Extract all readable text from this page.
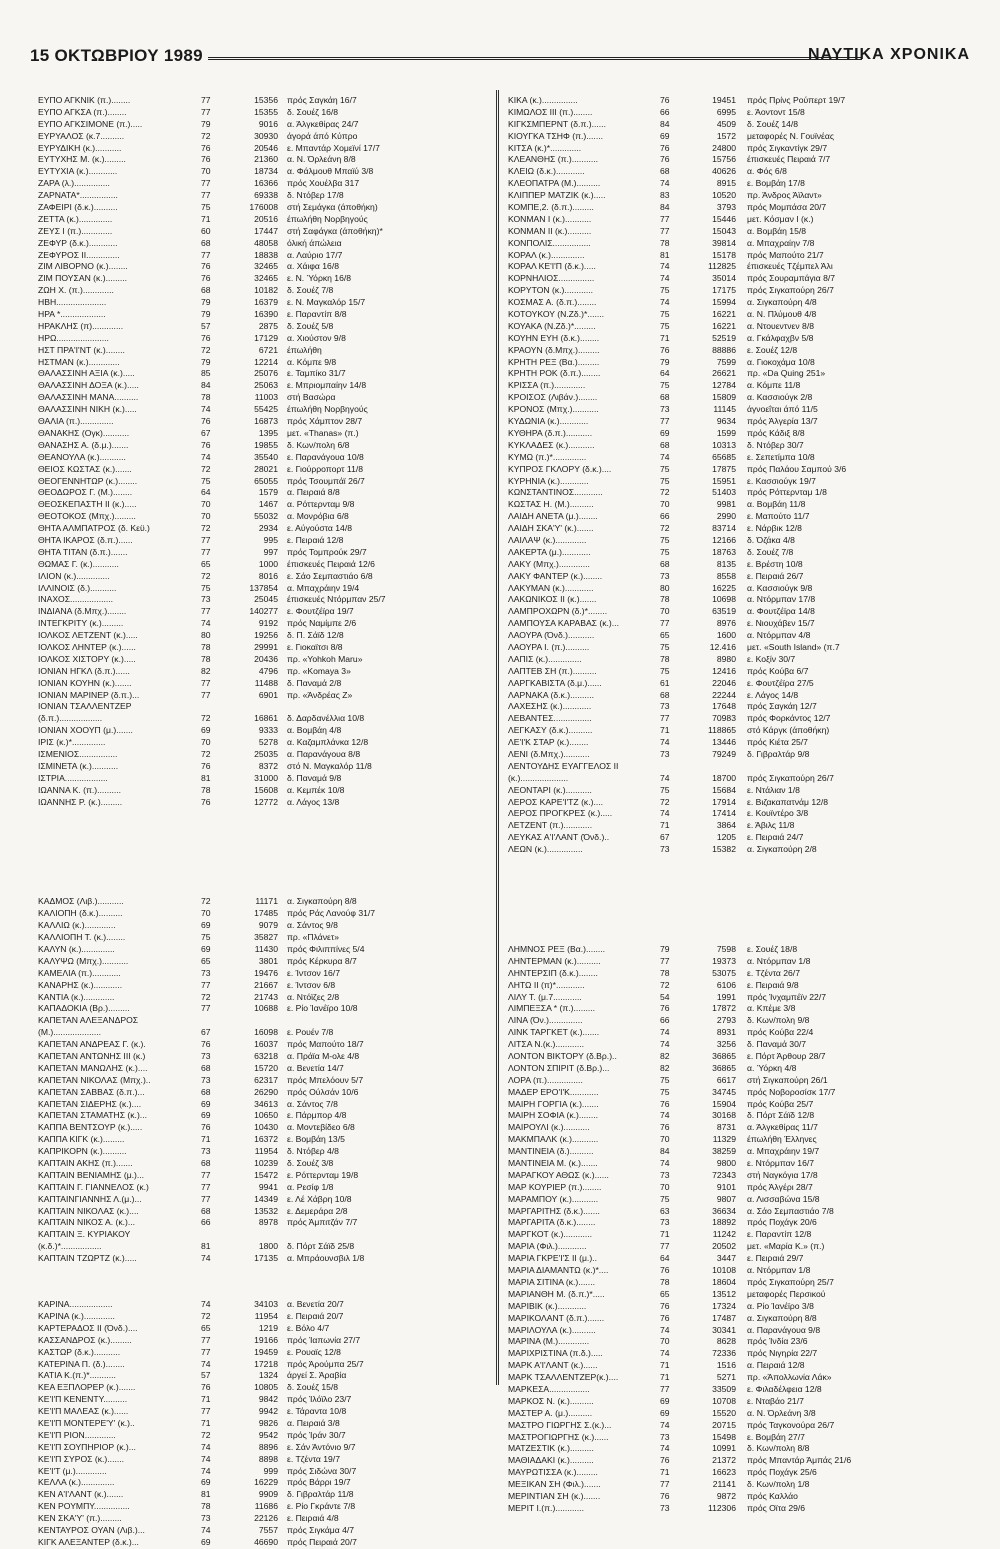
15 ΟΚΤΩΒΡΙΟΥ 1989	ΝΑΥΤΙΚΑ ΧΡΟΝΙΚΑ
ΕΥΠΟ ΑΓΚΝΙΚ (π.)........	77	15356 πρός Σαγκάη 16/7
ΕΥΠΟ ΑΓΚΣΑ (π.)........	77	15355 δ. Σουέζ 16/8
ΕΥΠΟ ΑΓΚΣΙΜΟΝΕ (π.).....	79	9016 α. Άλγκεθίρας 24/7
ΕΥΡΥΑΛΟΣ (κ.7..........	72	30930 άγορά άπό Κύπρο
ΕΥΡΥΔΙΚΗ (κ.)...........	76	20546 ε. Μπαντάρ Χομεϊνί 17/7
ΕΥΤΥΧΗΣ Μ. (κ.).........	76	21360 α. Ν. Όρλεάνη 8/8
ΕΥΤΥΧΙΑ (κ.)............	70	18734 α. Φάλμουθ Μπαϊύ 3/8
ΖΑΡΑ (λ.)...............	77	16366 πρός Χουέλβα 317
ΖΑΡΝΑΤΑ*................	77	69338 δ. Ντόβερ 17/8
ΖΑΦΕΙΡΙ (δ.κ.)..........	75	176008 στή Σεμάγκα (άποθήκη)
ΖΕΤΤΑ (κ.)..............	71	20516 έπωλήθη Νορβηγούς
ΖΕΥΣ Ι (π.).............	60	17447 στή Σαφάγκα (άποθήκη)*
ΖΕΦΥΡ (δ.κ.)............	68	48058 όλική άπώλεια
ΖΕΦΥΡΟΣ ΙΙ..............	77	18838 α. Λαύριο 17/7
ΖΙΜ ΛΙΒΟΡΝΟ (κ.)........	76	32465 α. Χάιφα 16/8
ΖΙΜ ΠΟΥΣΑΝ (κ.).........	76	32465 ε. Ν. Ύόρκη 16/8
ΖΩΗ Χ. (π.).............	68	10182 δ. Σουέζ 7/8
ΗΒΗ.....................	79	16379 ε. Ν. Μαγκαλόρ 15/7
ΗΡΑ *...................	79	16390 ε. Παραντίπ 8/8
ΗΡΑΚΛΗΣ (π).............	57	2875 δ. Σουέζ 5/8
ΗΡΩ......................	76	17129 α. Χιούστον 9/8
ΗΣΤ ΠΡΑ'Ι'ΝΤ (κ.)........	72	6721 έπωλήθη
ΗΣΤΜΑΝ (κ.).............	79	12214 α. Κόμπε 9/8
ΘΑΛΑΣΣΙΝΗ ΑΞΙΑ (κ.).....	85	25076 ε. Ταμπίκο 31/7
ΘΑΛΑΣΣΙΝΗ ΔΟΞΑ (κ.).....	84	25063 ε. Μπριομπαίην 14/8
ΘΑΛΑΣΣΙΝΗ ΜΑΝΑ..........	78	11003 στή Βασώρα
ΘΑΛΑΣΣΙΝΗ ΝΙΚΗ (κ.).....	74	55425 έπωλήθη Νορβηγούς
ΘΑΛΙΑ (π.)..............	76	16873 πρός Χάμπτον 28/7
ΘΑΝΑΚΗΣ (Ογκ)...........	67	1395 μετ. «Thanas» (π.)
ΘΑΝΑΣΗΣ Α. (δ.μ.).......	76	19855 δ. Κων/πολη 6/8
ΘΕΑΝΟΥΛΑ (κ.)...........	74	35540 ε. Παρανάγουα 10/8
ΘΕΙΟΣ ΚΩΣΤΑΣ (κ.).......	72	28021 ε. Γιούρροπορτ 11/8
ΘΕΟΓΕΝΝΗΤΩΡ (κ.)........	75	65055 πρός Τσουμπάϊ 26/7
ΘΕΟΔΩΡΟΣ Γ. (Μ.)........	64	1579 α. Πειραιά 8/8
ΘΕΟΣΚΕΠΑΣΤΗ ΙΙ (κ.).....	70	1467 α. Ρόττερνταμ 9/8
ΘΕΟΤΟΚΟΣ (Μπχ.).........	70	55032 α. Μονρόβια 6/8
ΘΗΤΑ ΑΛΜΠΑΤΡΟΣ (δ. Κεϋ.)	72	2934 ε. Αύγούστα 14/8
ΘΗΤΑ ΙΚΑΡΟΣ (δ.π.)......	77	995 ε. Πειραιά 12/8
ΘΗΤΑ ΤΙΤΑΝ (δ.π.).......	77	997 πρός Τομπρούκ 29/7
ΘΩΜΑΣ Γ. (κ.)...........	65	1000 έπισκευές Πειραιά 12/6
ΙΛΙΟΝ (κ.)..............	72	8016 ε. Σάο Σεμπαστιάο 6/8
ΙΛΛΙΝΟΙΣ (δ.)...........	75	137854 α. Μπαχράιην 19/4
ΙΝΑΧΟΣ..................	73	25045 έπισκευές Ντόρμπαν 25/7
ΙΝΔΙΑΝΑ (δ.Μπχ.)........	77	140277 ε. Φουτζέϊρα 19/7
ΙΝΤΕΓΚΡΙΤΥ (κ.).........	74	9192 πρός Ναμίμπε 2/6
ΙΟΛΚΟΣ ΛΕΤΖΕΝΤ (κ.).....	80	19256 δ. Π. Σάϊδ 12/8
ΙΟΛΚΟΣ ΛΗΝΤΕΡ (κ.)......	78	29991 ε. Γιοκαϊτσι 8/8
ΙΟΛΚΟΣ ΧΙΣΤΟΡΥ (κ.).....	78	20436 πρ. «Yohkoh Maru»
ΙΟΝΙΑΝ ΗΓΚΛ (δ.π.)......	82	4796 πρ. «Komaya 3»
ΙΟΝΙΑΝ ΚΟΥΗΝ (κ.).......	77	11488 δ. Παναμά 2/8
ΙΟΝΙΑΝ ΜΑΡΙΝΕΡ (δ.π.)...	77	6901 πρ. «Άνδρέας Ζ»
ΙΟΝΙΑΝ ΤΣΑΛΛΕΝΤΖΕΡ
(δ.π.)..................	72	16861 δ. Δαρδανέλλια 10/8
ΙΟΝΙΑΝ ΧΟΟΥΠ (μ.).......	69	9333 α. Βομβάη 4/8
ΙΡΙΣ (κ.)*..............	70	5278 α. Καζαμπλάνκα 12/8
ΙΣΜΕΝΙΟΣ................	72	25035 α. Παρανάγουα 8/8
ΙΣΜΙΝΕΤΑ (κ.)...........	76	8372 στό Ν. Μαγκαλόρ 11/8
ΙΣΤΡΙΑ..................	81	31000 δ. Παναμά 9/8
ΙΩΑΝΝΑ Κ. (π.)..........	78	15608 α. Κεμπέκ 10/8
ΙΩΑΝΝΗΣ Ρ. (κ.).........	76	12772 α. Λάγος 13/8
ΚΑΔΜΟΣ (Λιβ.)...........	72	11171 α. Σιγκαπούρη 8/8
ΚΑΛΙΟΠΗ (δ.κ.)..........	70	17485 πρός Ράς Λανούφ 31/7
ΚΑΛΛΙΩ (κ.).............	69	9079 α. Σάντος 9/8
ΚΑΛΛΙΟΠΗ Τ. (κ.)........	75	35827 πρ. «Πλάνετ»
ΚΑΛΥΝ (κ.)..............	69	11430 πρός Φιλιππίνες 5/4
ΚΑΛΥΨΩ (Μπχ.)...........	65	3801 πρός Κέρκυρα 8/7
ΚΑΜΕΛΙΑ (π.)............	73	19476 ε. Ίντσον 16/7
ΚΑΝΑΡΗΣ (κ.)............	77	21667 ε. Ίντσον 6/8
ΚΑΝΤΙΑ (κ.).............	72	21743 α. Ντόϊζες 2/8
ΚΑΠΑΔΟΚΙΑ (Βρ.).........	77	10688 ε. Ρίο Ίανέϊρο 10/8
ΚΑΠΕΤΑΝ ΑΛΕΞΑΝΔΡΟΣ
(Μ.)....................	67	16098 ε. Ρουέν 7/8
ΚΑΠΕΤΑΝ ΑΝΔΡΕΑΣ Γ. (κ.).	76	16037 πρός Μαπούτο 18/7
ΚΑΠΕΤΑΝ ΑΝΤΩΝΗΣ ΙΙΙ (κ.)	73	63218 α. Πράϊα Μ-ολε 4/8
ΚΑΠΕΤΑΝ ΜΑΝΩΛΗΣ (κ.)....	68	15720 α. Βενετία 14/7
ΚΑΠΕΤΑΝ ΝΙΚΟΛΑΣ (Μπχ.)..	73	62317 πρός Μπελόουν 5/7
ΚΑΠΕΤΑΝ ΣΑΒΒΑΣ (δ.π.)...	68	26290 πρός Ούλσάν 10/6
ΚΑΠΕΤΑΝ ΣΙΔΕΡΗΣ (κ.)....	69	34613 α. Σάντος 7/8
ΚΑΠΕΤΑΝ ΣΤΑΜΑΤΗΣ (κ.)...	69	10650 ε. Πάρμπορ 4/8
ΚΑΠΠΑ ΒΕΝΤΣΟΥΡ (κ.).....	76	10430 α. Μοντεβίδεο 6/8
ΚΑΠΠΑ ΚΙΓΚ (κ.).........	71	16372 ε. Βομβάη 13/5
ΚΑΠΡΙΚΟΡΝ (κ.)..........	73	11954 δ. Ντόβερ 4/8
ΚΑΠΤΑΙΝ ΑΚΗΣ (π.).......	68	10239 δ. Σουέζ 3/8
ΚΑΠΤΑΙΝ ΒΕΝΙΑΜΗΣ (μ.)...	77	15472 ε. Ρόττερνταμ 19/8
ΚΑΠΤΑΙΝ Γ. ΓΙΑΝΝΕΛΟΣ (κ.)	77	9941 α. Ρεσίφ 1/8
ΚΑΠΤΑΙΝΓΙΑΝΝΗΣ Λ.(μ.)...	77	14349 ε. Λέ Χάβρη 10/8
ΚΑΠΤΑΙΝ ΝΙΚΟΛΑΣ (κ.)....	68	13532 ε. Δεμεράρα 2/8
ΚΑΠΤΑΙΝ ΝΙΚΟΣ Α. (κ.)...	66	8978 πρός Άμπιτζάν 7/7
ΚΑΠΤΑΙΝ Ξ. ΚΥΡΙΑΚΟΥ
(κ.δ.)*.................	81	1800 δ. Πόρτ Σάϊδ 25/8
ΚΑΠΤΑΙΝ ΤΖΩΡΤΖ (κ.).....	74	17135 α. Μπράουνσβιλ 1/8
ΚΑΡΙΝΑ..................	74	34103 α. Βενετία 20/7
ΚΑΡΙΝΑ (κ.).............	72	11954 ε. Πειραιά 20/7
ΚΑΡΤΕΡΑΔΟΣ ΙΙ (Όνδ.)....	65	1219 ε. Βόλο 4/7
ΚΑΣΣΑΝΔΡΟΣ (κ.).........	77	19166 πρός Ίαπωνία 27/7
ΚΑΣΤΩΡ (δ.κ.)...........	77	19459 ε. Ρουαϊς 12/8
ΚΑΤΕΡΙΝΑ Π. (δ.)........	74	17218 πρός Άρούμπα 25/7
ΚΑΤΙΑ Κ.(π.)*...........	57	1324 άργεί Σ. Άραβία
ΚΕΑ ΕΞΠΛΟΡΕΡ (κ.).......	76	10805 δ. Σουέζ 15/8
ΚΕ'Ι'Π ΚΕΝΕΝΤΥ..........	71	9842 πρός Ίλόϊλο 23/7
ΚΕ'Ι'Π ΜΑΛΕΑΣ (κ.)......	77	9942 ε. Τάραντα 10/8
ΚΕ'Ι'Π ΜΟΝΤΕΡΕ'Υ' (κ.)..	71	9826 α. Πειραιά 3/8
ΚΕ'Ι'Π ΡΙΟΝ.............	72	9542 πρός Ίράν 30/7
ΚΕ'Ι'Π ΣΟΥΠΗΡΙΟΡ (κ.)...	74	8896 ε. Σάν Άντόνιο 9/7
ΚΕ'Ι'Π ΣΥΡΟΣ (κ.).......	74	8898 ε. Τζέντα 19/7
ΚΕ'Ι'Τ (μ.).............	74	999 πρός Σιδώνα 30/7
ΚΕΛΛΑ (κ.)..............	69	16229 πρός Βάρρι 19/7
ΚΕΝ Α'Ι'ΛΑΝΤ (κ.).......	81	9909 δ. Γιβραλτάρ 11/8
ΚΕΝ ΡΟΥΜΠΥ...............	78	11686 ε. Ρίο Γκράντε 7/8
ΚΕΝ ΣΚΑ'Υ' (π.).........	73	22126 ε. Πειραιά 4/8
ΚΕΝΤΑΥΡΟΣ ΟΥΑΝ (Λιβ.)...	74	7557 πρός Σιγκάμα 4/7
ΚΙΓΚ ΑΛΕΞΑΝΤΕΡ (δ.κ.)...	69	46690 πρός Πειραιά 20/7
ΚΙΚΑ (κ.)...............	76	19451 πρός Πρίνς Ρούπερτ 19/7
ΚΙΜΩΛΟΣ ΙΙΙ (π.)........	66	6995 ε. Άοντοντ 15/8
ΚΙΓΚΣΜΠΕΡΝΤ (δ.π.)......	84	4509 δ. Σουέζ 14/8
ΚΙΟΥΓΚΑ ΤΣΗΦ (π.).......	69	1572 μεταφορές Ν. Γουϊνέας
ΚΙΤΣΑ (κ.)*.............	76	24800 πρός Σιγκαντίγκ 29/7
ΚΛΕΑΝΘΗΣ (π.)...........	76	15756 έπισκευές Πειραιά 7/7
ΚΛΕΙΩ (δ.κ.)............	68	40626 α. Φός 6/8
ΚΛΕΟΠΑΤΡΑ (Μ.)..........	74	8915 ε. Βομβάη 17/8
ΚΛΙΠΠΕΡ ΜΑΤΖΙΚ (κ.).....	83	10520 πρ. Άνδρος Άϊλαντ»
ΚΟΜΠΕ,2. (δ.π.).........	84	3793 πρός Μομπάσα 20/7
ΚΟΝΜΑΝ Ι (κ.)...........	77	15446 μετ. Κόσμαν Ι (κ.)
ΚΟΝΜΑΝ ΙΙ (κ.)..........	77	15043 α. Βομβάη 15/8
ΚΟΝΠΟΛΙΣ................	78	39814 α. Μπαχραίην 7/8
ΚΟΡΑΛ (κ.)..............	81	15178 πρός Μαπούτο 21/7
ΚΟΡΑΛ ΚΕ'Ι'Π (δ.κ.).....	74	112825 έπισκευές Τζέμπελ Άλι
ΚΟΡΝΗΛΙΟΣ...............	74	35014 πρός Σουραμπάγια 8/7
ΚΟΡΥΤΟΝ (κ.)............	75	17175 πρός Σιγκαπούρη 26/7
ΚΟΣΜΑΣ Α. (δ.π.)........	74	15994 α. Σιγκαπούρη 4/8
ΚΟΤΟΥΚΟΥ (Ν.Ζδ.)*.......	75	16221 α. Ν. Πλύμουθ 4/8
ΚΟΥΑΚΑ (Ν.Ζδ.)*.........	75	16221 α. Ντουεντνεν 8/8
ΚΟΥΗΝ ΕΥΗ (δ.κ.)........	71	52519 α. Γκάλφαχβν 5/8
ΚΡΑΟΥΝ (δ.Μπχ.).........	76	88886 ε. Σουέζ 12/8
ΚΡΗΤΗ ΡΕΞ (Βα.).........	79	7599 α. Γιοκοχάμα 10/8
ΚΡΗΤΗ ΡΟΚ (δ.π.)........	64	26621 πρ. «Da Quing 251»
ΚΡΙΣΣΑ (π.).............	75	12784 α. Κόμπε 11/8
ΚΡΟΙΣΟΣ (Λιβάν.)........	68	15809 α. Κασσιούγκ 2/8
ΚΡΟΝΟΣ (Μπχ.)...........	73	11145 άγνοεΐται άπό 11/5
ΚΥΔΩΝΙΑ (κ.)............	77	9634 πρός Άλγερία 13/7
ΚΥΘΗΡΑ (δ.π.)...........	69	1599 πρός Κάδιξ 8/8
ΚΥΚΛΑΔΕΣ (κ.)...........	68	10313 δ. Ντόβερ 30/7
ΚΥΜΩ (π.)*..............	74	65685 ε. Σεπετίμπα 10/8
ΚΥΠΡΟΣ ΓΚΛΟΡΥ (δ.κ.)....	75	17875 πρός Παλάου Σαμπού 3/6
ΚΥΡΗΝΙΑ (κ.)............	75	15951 ε. Κασσιούγκ 19/7
ΚΩΝΣΤΑΝΤΙΝΟΣ............	72	51403 πρός Ρόττερνταμ 1/8
ΚΩΣΤΑΣ Η. (Μ.)..........	70	9981 α. Βομβάη 11/8
ΛΑΙΔΗ ΑΝΕΤΑ (μ.)........	66	2990 ε. Μαπούτο 11/7
ΛΑΙΔΗ ΣΚΑ'Υ' (κ.).......	72	83714 ε. Νάρβικ 12/8
ΛΑΙΛΑΨ (κ.).............	75	12166 δ. Όζάκα 4/8
ΛΑΚΕΡΤΑ (μ.)............	75	18763 δ. Σουέζ 7/8
ΛΑΚΥ (Μπχ.).............	68	8135 ε. Βρέστη 10/8
ΛΑΚΥ ΦΑΝΤΕΡ (κ.)........	73	8558 ε. Πειραιά 26/7
ΛΑΚΥΜΑΝ (κ.)............	80	16225 α. Κασσιούγκ 9/8
ΛΑΚΩΝΙΚΟΣ ΙΙ (κ.).......	78	10698 α. Ντόρμπαν 17/8
ΛΑΜΠΡΟΧΩΡΝ (δ.)*........	70	63519 α. Φουτζέϊρα 14/8
ΛΑΜΠΟΥΣΑ ΚΑΡΑΒΑΣ (κ.)...	77	8976 ε. Νιουχάβεν 15/7
ΛΑΟΥΡΑ (Όνδ.)...........	65	1600 α. Ντόρμπαν 4/8
ΛΑΟΥΡΑ Ι. (π.)..........	75	12.416 μετ. «South Island» (π.7
ΛΑΠΙΣ (κ.)..............	78	8980 ε. Κοξίν 30/7
ΛΑΠΤΕΒ ΣΗ (π.)..........	75	12416 πρός Κούβα 6/7
ΛΑΡΓΚΑΒΙΣΤΑ (δ.μ.)......	61	22046 ε. Φουτζέϊρα 27/5
ΛΑΡΝΑΚΑ (δ.κ.)..........	68	22244 ε. Λάγος 14/8
ΛΑΧΕΣΗΣ (κ.)............	73	17648 πρός Σαγκάη 12/7
ΛΕΒΑΝΤΕΣ................	77	70983 πρός Φορκάντος 12/7
ΛΕΓΚΑΣΥ (δ.κ.)..........	71	118865 στό Κάργκ (άποθήκη)
ΛΕ'Ι'Κ ΣΤΑΡ (κ.)........	74	13446 πρός Κιέτα 25/7
ΛΕΝΙ (δ.Μπχ.)...........	73	79249 δ. Γιβραλτάρ 9/8
ΛΕΝΤΟΥΔΗΣ ΕΥΑΓΓΕΛΟΣ ΙΙ
(κ.)....................	74	18700 πρός Σιγκαπούρη 26/7
ΛΕΟΝΤΑΡΙ (κ.)...........	75	15684 ε. Ντάλιαν 1/8
ΛΕΡΟΣ ΚΑΡΕ'Ι'ΤΖ (κ.)....	72	17914 ε. Βιζακαπατνάμ 12/8
ΛΕΡΟΣ ΠΡΟΓΚΡΕΣ (κ.).....	74	17414 ε. Κουϊντέρο 3/8
ΛΕΤΖΕΝΤ (π.)............	71	3864 ε. Άβιλς 11/8
ΛΕΥΚΑΣ Α'Ι'ΛΑΝΤ (Όνδ.)..	67	1205 ε. Πειραιά 24/7
ΛΕΩΝ (κ.)...............	73	15382 α. Σιγκαπούρη 2/8
ΛΗΜΝΟΣ ΡΕΞ (Βα.)........	79	7598 ε. Σουέζ 18/8
ΛΗΝΤΕΡΜΑΝ (κ.)..........	77	19373 α. Ντόρμπαν 1/8
ΛΗΝΤΕΡΣΙΠ (δ.κ.)........	78	53075 ε. Τζέντα 26/7
ΛΗΤΩ ΙΙ (π)*............	72	6106 ε. Πειραιά 9/8
ΛΙΛΥ Τ. (μ.7............	54	1991 πρός Ίνχαμπέϊν 22/7
ΛΙΜΠΕΞΣΑ * (π.).........	76	17872 α. Κπέμε 3/8
ΛΙΝΑ (Όν.)..............	66	2793 δ. Κων/πολη 9/8
ΛΙΝΚ ΤΑΡΓΚΕΤ (κ.).......	74	8931 πρός Κούβα 22/4
ΛΙΤΣΑ Ν.(κ.)............	74	3256 δ. Παναμά 30/7
ΛΟΝΤΟΝ ΒΙΚΤΟΡΥ (δ.Βρ.)..	82	36865 ε. Πόρτ Άρθουρ 28/7
ΛΟΝΤΟΝ ΣΠΙΡΙΤ (δ.Βρ.)...	82	36865 α. Ύόρκη 4/8
ΛΟΡΑ (π.)...............	75	6617 στή Σιγκαπούρη 26/1
ΜΑΔΕΡ ΕΡΟ'Ι'Κ............	75	34745 πρός Νοβοροσίσκ 17/7
ΜΑΙΡΗ ΓΟΡΓΙΑ (κ.).......	76	15904 πρός Κούβα 25/7
ΜΑΙΡΗ ΣΟΦΙΑ (κ.)........	74	30168 δ. Πόρτ Σάϊδ 12/8
ΜΑΙΡΟΥΛΙ (κ.)...........	76	8731 α. Άλγκεθίρας 11/7
ΜΑΚΜΠΑΛΚ (κ.)...........	70	11329 έπωλήθη Έλληνες
ΜΑΝΤΙΝΕΙΑ (δ.)..........	84	38259 α. Μπαχράιην 19/7
ΜΑΝΤΙΝΕΙΑ Μ. (κ.).......	74	9800 ε. Ντόρμπαν 16/7
ΜΑΡΑΓΚΟΥ ΑΘΩΣ (κ.)......	73	72343 στή Ναγκόγια 17/8
ΜΑΡ ΚΟΥΡΙΕΡ (π.)........	70	9101 πρός Άλγέρι 28/7
ΜΑΡΑΜΠΟΥ (κ.)...........	75	9807 α. Λισσαβώνα 15/8
ΜΑΡΓΑΡΙΤΗΣ (δ.κ.).......	63	36634 α. Σάο Σεμπαστιάο 7/8
ΜΑΡΓΑΡΙΤΑ (δ.κ.)........	73	18892 πρός Ποχάγκ 20/6
ΜΑΡΓΚΟΤ (κ.)............	71	11242 ε. Παραντίπ 12/8
ΜΑΡΙΑ (Φιλ.)............	77	20502 μετ. «Μαρία Κ.» (π.)
ΜΑΡΙΑ ΓΚΡΕ'Ι'Σ ΙΙ (μ.)..	64	3447 ε. Πειραιά 29/7
ΜΑΡΙΑ ΔΙΑΜΑΝΤΩ (κ.)*....	76	10108 α. Ντόρμπαν 1/8
ΜΑΡΙΑ ΣΙΤΙΝΑ (κ.).......	78	18604 πρός Σιγκαπούρη 25/7
ΜΑΡΙΑΝΘΗ Μ. (δ.π.)*.....	65	13512 μεταφορές Περσικού
ΜΑΡΙΒΙΚ (κ.)............	76	17324 α. Ρίο Ίανέϊρο 3/8
ΜΑΡΙΚΟΛΑΝΤ (δ.π.).......	76	17487 α. Σιγκαπούρη 8/8
ΜΑΡΙΛΟΥΛΑ (κ.)..........	74	30341 α. Παρανάγουα 9/8
ΜΑΡΙΝΑ (Μ.).............	70	8628 πρός Ίνδία 23/6
ΜΑΡΙΧΡΙΣΤΙΝΑ (π.δ.).....	74	72336 πρός Νιγηρία 22/7
ΜΑΡΚ Α'Ι'ΛΑΝΤ (κ.)......	71	1516 α. Πειραιά 12/8
ΜΑΡΚ ΤΣΑΛΛΕΝΤΖΕΡ(κ.)....	71	5271 πρ. «Άπολλωνία Λάκ»
ΜΑΡΚΕΣΑ.................	77	33509 ε. Φιλαδέλφεια 12/8
ΜΑΡΚΟΣ Ν. (κ.)..........	69	10708 ε. Νταβάο 21/7
ΜΑΣΤΕΡ Α. (μ.)..........	69	15520 α. Ν. Όρλεάνη 3/8
ΜΑΣΤΡΟ ΓΙΩΡΓΗΣ Σ.(κ.)...	74	20715 πρός Ταγκονούρα 26/7
ΜΑΣΤΡΟΓΙΩΡΓΗΣ (κ.)......	73	15498 ε. Βομβάη 27/7
ΜΑΤΖΕΣΤΙΚ (κ.)..........	74	10991 δ. Κων/πολη 8/8
ΜΑΘΙΑΔΑΚΙ (κ.)..........	76	21372 πρός Μπαντάρ Άμπάς 21/6
ΜΑΥΡΩΤΙΣΣΑ (κ.).........	71	16623 πρός Ποχάγκ 25/6
ΜΕΞΙΚΑΝ ΣΗ (Φιλ.).......	77	21141 δ. Κων/πολη 1/8
ΜΕΡΙΝΤΙΑΝ ΣΗ (κ.).......	76	9872 πρός Καλλάο
ΜΕΡΙΤ Ι.(π.)............	73	112306 πρός Οϊτα 29/6
